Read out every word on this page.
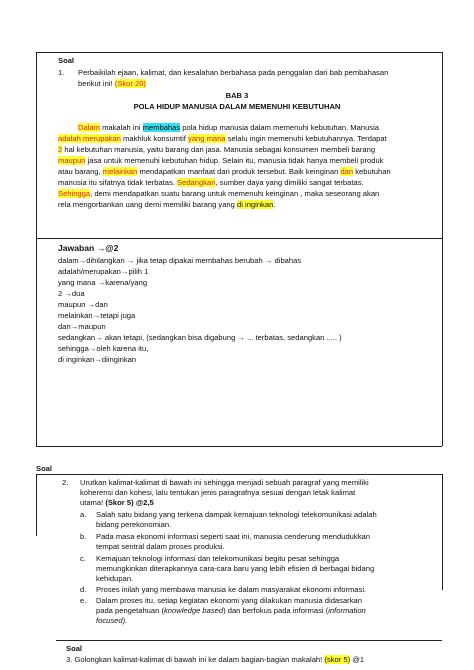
Soal
1. Perbaikilah ejaan, kalimat, dan kesalahan berbahasa pada penggalan dari bab pembahasan
berikut ini! (Skor 20)
BAB 3
POLA HIDUP MANUSIA DALAM MEMENUHI KEBUTUHAN
Dalam makalah ini membahas pola hidup manusia dalam memenuhi kebutuhan. Manusia
adalah merupakan makhluk konsumtif yang mana selalu ingin memenuhi kebutuhannya. Terdapat
2 hal kebutuhan manusia, yaitu barang dan jasa. Manusia sebagai konsumen membeli barang
maupun jasa untuk memenuhi kebutuhan hidup. Selain itu, manusia tidak hanya membeli produk
atau barang, melainkan mendapatkan manfaat dari produk tersebut. Baik keinginan dan kebutuhan
manusia itu sifatnya tidak terbatas. Sedangkan, sumber daya yang dimiliki sangat terbatas.
Sehingga, demi mendapatkan suatu barang untuk memenuhi keinginan , maka seseorang akan
rela mengorbankan uang demi memiliki barang yang di inginkan.
Jawaban →@2
dalam→dihilangkan → jika tetap dipakai membahas berubah → dibahas
adalah/merupakan→pilih 1
yang mana →karena/yang
2 →dua
maupun →dan
melainkan→tetapi juga
dan→maupun
sedangkan→ akan tetapi, (sedangkan bisa digabung → ... terbatas, sedangkan ..... )
sehingga→oleh karena itu,
di inginkan→diinginkan
Soal
2. Urutkan kalimat-kalimat di bawah ini sehingga menjadi sebuah paragraf yang memiliki
koherensi dan kohesi, lalu tentukan jenis paragrafnya sesuai dengan letak kalimat
utama! (Skor 5) @2,5
a. Salah satu bidang yang terkena dampak kemajuan teknologi telekomunikasi adalah
bidang perekonomian.
b. Pada masa ekonomi informasi seperti saat ini, manusia cenderung mendudukkan
tempat sentral dalam proses produksi.
c. Kemajuan teknologi informasi dan telekomunikasi begitu pesat sehingga
memungkinkan diterapkannya cara-cara baru yang lebih efisien di berbagai bidang
kehidupan.
d. Proses inilah yang membawa manusia ke dalam masyarakat ekonomi informasi.
e. Dalam proses itu, setiap kegiatan ekonomi yang dilakukan manusia didasarkan
pada pengetahuan (knowledge based) dan berfokus pada informasi (information
focused).
Soal
3. Golongkan kalimat-kalimat di bawah ini ke dalam bagian-bagian makalah! (skor 5) @1
